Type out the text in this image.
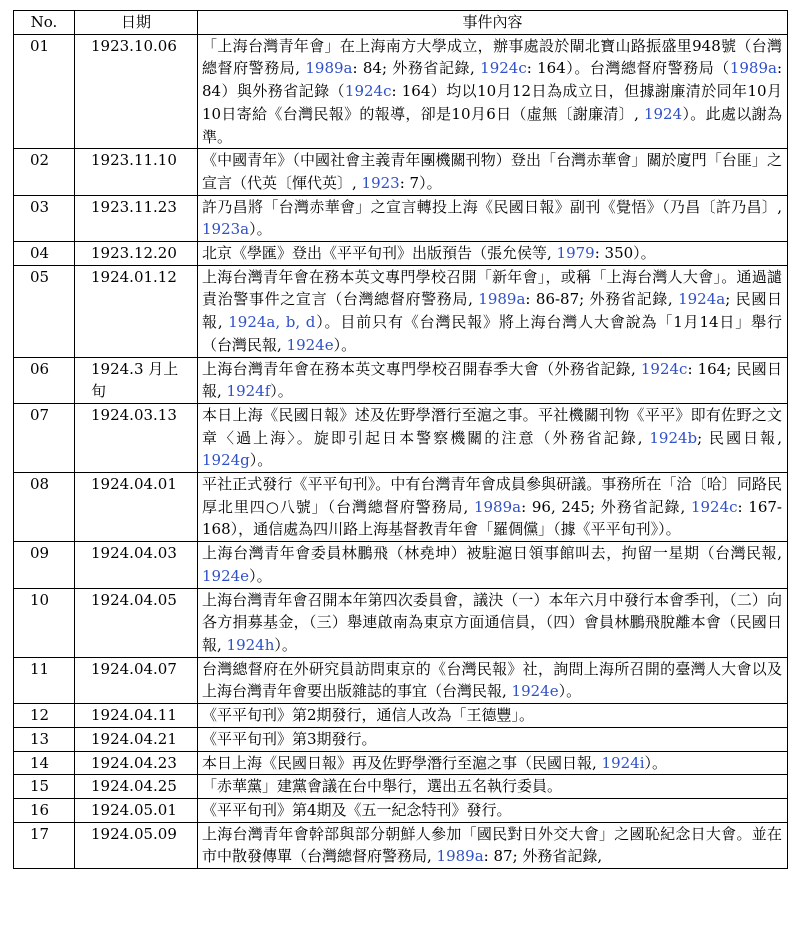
No.	日期	事件內容
01	1923.10.06	「上海台灣青年會」在上海南方大學成立，辦事處設於閘北寶山路振盛里948號（台灣總督府警務局, 1989a: 84; 外務省記錄, 1924c: 164）。台灣總督府警務局（1989a: 84）與外務省記錄（1924c: 164）均以10月12日為成立日，但據謝廉清於同年10月10日寄給《台灣民報》的報導，卻是10月6日（虛無〔謝廉清〕, 1924）。此處以謝為準。
02	1923.11.10	《中國青年》（中國社會主義青年團機關刊物）登出「台灣赤華會」關於廈門「台匪」之宣言（代英〔惲代英〕, 1923: 7）。
03	1923.11.23	許乃昌將「台灣赤華會」之宣言轉投上海《民國日報》副刊《覺悟》（乃昌〔許乃昌〕, 1923a）。
04	1923.12.20	北京《學匯》登出《平平旬刊》出版預告（張允侯等, 1979: 350）。
05	1924.01.12	上海台灣青年會在務本英文專門學校召開「新年會」，或稱「上海台灣人大會」。通過譴責治警事件之宣言（台灣總督府警務局, 1989a: 86-87; 外務省記錄, 1924a; 民國日報, 1924a, b, d）。目前只有《台灣民報》將上海台灣人大會說為「1月14日」舉行（台灣民報, 1924e）。
06	1924.3 月上旬	上海台灣青年會在務本英文專門學校召開春季大會（外務省記錄, 1924c: 164; 民國日報, 1924f）。
07	1924.03.13	本日上海《民國日報》述及佐野學潛行至滬之事。平社機關刊物《平平》即有佐野之文章〈過上海〉。旋即引起日本警察機關的注意（外務省記錄, 1924b; 民國日報, 1924g）。
08	1924.04.01	平社正式發行《平平旬刊》。中有台灣青年會成員參與研議。事務所在「洽〔哈〕同路民厚北里四○八號」（台灣總督府警務局, 1989a: 96, 245; 外務省記錄, 1924c: 167-168），通信處為四川路上海基督教青年會「羅倜儻」（據《平平旬刊》）。
09	1924.04.03	上海台灣青年會委員林鵬飛（林堯坤）被駐滬日領事館叫去，拘留一星期（台灣民報, 1924e）。
10	1924.04.05	上海台灣青年會召開本年第四次委員會，議決（一）本年六月中發行本會季刊，（二）向各方捐募基金，（三）舉連啟南為東京方面通信員，（四）會員林鵬飛脫離本會（民國日報, 1924h）。
11	1924.04.07	台灣總督府在外研究員訪問東京的《台灣民報》社，詢問上海所召開的臺灣人大會以及上海台灣青年會要出版雜誌的事宜（台灣民報, 1924e）。
12	1924.04.11	《平平旬刊》第2期發行，通信人改為「王德豐」。
13	1924.04.21	《平平旬刊》第3期發行。
14	1924.04.23	本日上海《民國日報》再及佐野學潛行至滬之事（民國日報, 1924i）。
15	1924.04.25	「赤華黨」建黨會議在台中舉行，選出五名執行委員。
16	1924.05.01	《平平旬刊》第4期及《五一紀念特刊》發行。
17	1924.05.09	上海台灣青年會幹部與部分朝鮮人參加「國民對日外交大會」之國恥紀念日大會。並在市中散發傳單（台灣總督府警務局, 1989a: 87; 外務省記錄,
